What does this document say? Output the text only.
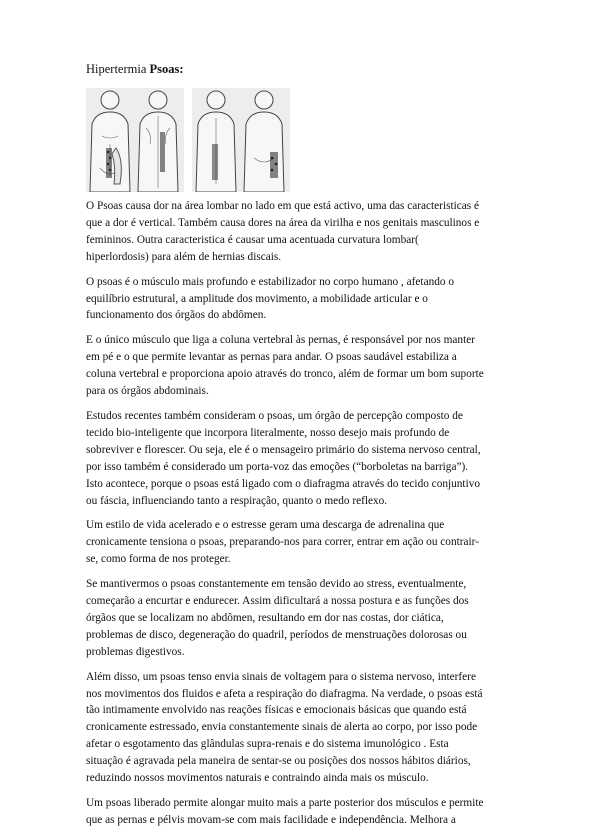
Hipertermia Psoas:

O Psoas causa dor na área lombar no lado em que está activo, uma das caracteristicas é
que a dor é vertical. Também causa dores na área da virilha e nos genitais masculinos e
femininos. Outra caracteristica é causar uma acentuada curvatura lombar(
hiperlordosis) para além de hernias discais.

O psoas é o músculo mais profundo e estabilizador no corpo humano , afetando o
equilíbrio estrutural, a amplitude dos movimento, a mobilidade articular e o
funcionamento dos órgãos do abdômen.

E o único músculo que liga a coluna vertebral às pernas, é responsável por nos manter
em pé e o que permite levantar as pernas para andar. O psoas saudável estabiliza a
coluna vertebral e proporciona apoio através do tronco, além de formar um bom suporte
para os órgãos abdominais.

Estudos recentes também consideram o psoas, um órgão de percepção composto de
tecido bio-inteligente que incorpora literalmente, nosso desejo mais profundo de
sobreviver e florescer. Ou seja, ele é o mensageiro primário do sistema nervoso central,
por isso também é considerado um porta-voz das emoções (“borboletas na barriga”).
Isto acontece, porque o psoas está ligado com o diafragma através do tecido conjuntivo
ou fáscia, influenciando tanto a respiração, quanto o medo reflexo.

Um estilo de vida acelerado e o estresse geram uma descarga de adrenalina que
cronicamente tensiona o psoas, preparando-nos para correr, entrar em ação ou contrair-
se, como forma de nos proteger.

Se mantivermos o psoas constantemente em tensão devido ao stress, eventualmente,
começarão a encurtar e endurecer. Assim dificultará a nossa postura e as funções dos
órgãos que se localizam no abdômen, resultando em dor nas costas, dor ciática,
problemas de disco, degeneração do quadril, períodos de menstruações dolorosas ou
problemas digestivos.

Além disso, um psoas tenso envia sinais de voltagem para o sistema nervoso, interfere
nos movimentos dos fluidos e afeta a respiração do diafragma. Na verdade, o psoas está
tão intimamente envolvido nas reações físicas e emocionais básicas que quando está
cronicamente estressado, envia constantemente sinais de alerta ao corpo, por isso pode
afetar o esgotamento das glândulas supra-renais e do sistema imunológico . Esta
situação é agravada pela maneira de sentar-se ou posições dos nossos hábitos diários,
reduzindo nossos movimentos naturais e contraindo ainda mais os músculo.

Um psoas liberado permite alongar muito mais a parte posterior dos músculos e permite
que as pernas e pélvis movam-se com mais facilidade e independência. Melhora a
